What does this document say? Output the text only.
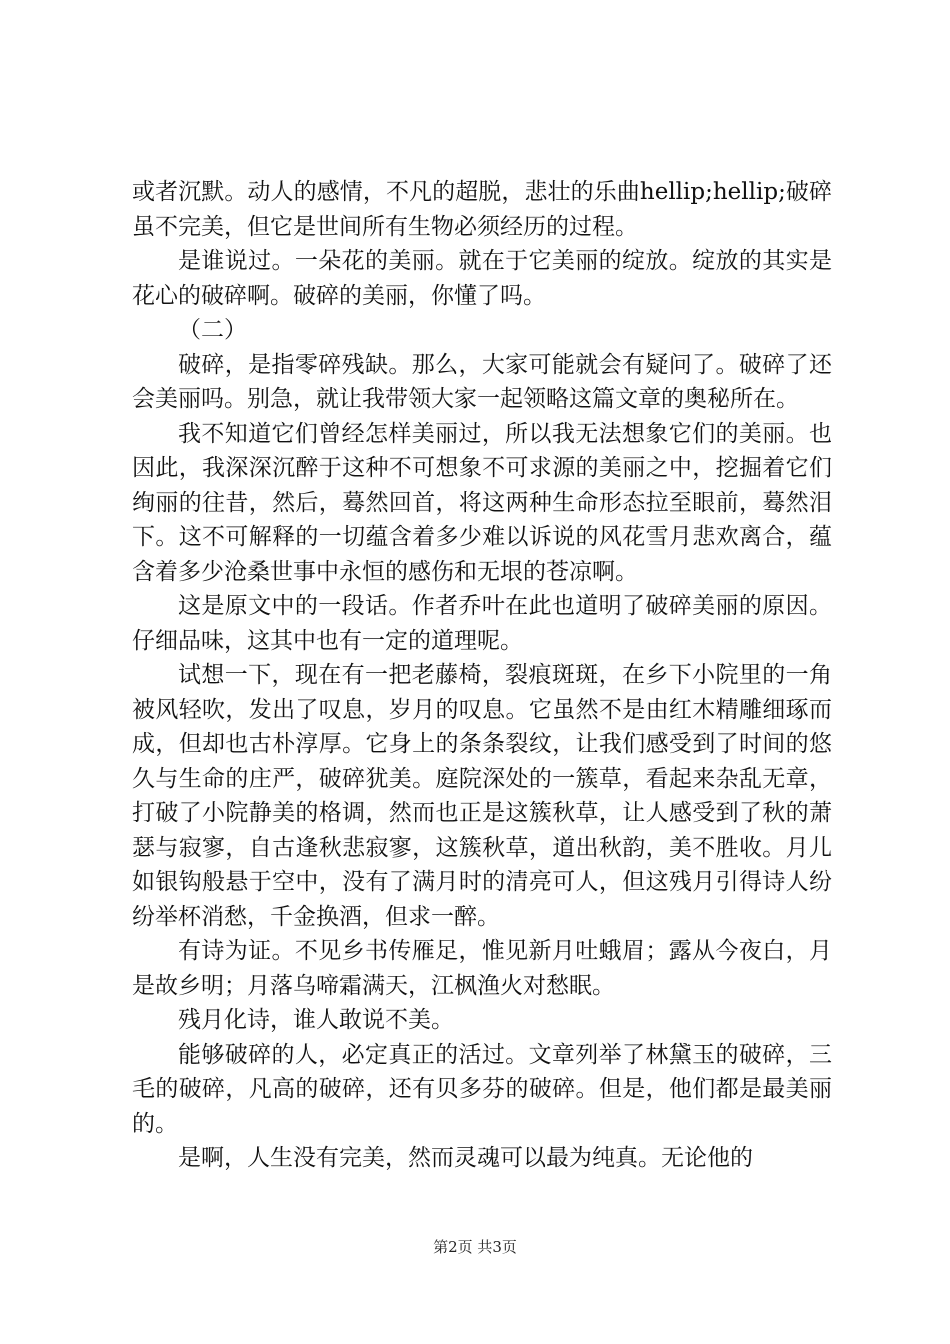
或者沉默。动人的感情，不凡的超脱，悲壮的乐曲hellip;hellip;破碎虽不完美，但它是世间所有生物必须经历的过程。

是谁说过。一朵花的美丽。就在于它美丽的绽放。绽放的其实是花心的破碎啊。破碎的美丽，你懂了吗。

（二）

破碎，是指零碎残缺。那么，大家可能就会有疑问了。破碎了还会美丽吗。别急，就让我带领大家一起领略这篇文章的奥秘所在。

我不知道它们曾经怎样美丽过，所以我无法想象它们的美丽。也因此，我深深沉醉于这种不可想象不可求源的美丽之中，挖掘着它们绚丽的往昔，然后，蓦然回首，将这两种生命形态拉至眼前，蓦然泪下。这不可解释的一切蕴含着多少难以诉说的风花雪月悲欢离合，蕴含着多少沧桑世事中永恒的感伤和无垠的苍凉啊。

这是原文中的一段话。作者乔叶在此也道明了破碎美丽的原因。仔细品味，这其中也有一定的道理呢。

试想一下，现在有一把老藤椅，裂痕斑斑，在乡下小院里的一角被风轻吹，发出了叹息，岁月的叹息。它虽然不是由红木精雕细琢而成，但却也古朴淳厚。它身上的条条裂纹，让我们感受到了时间的悠久与生命的庄严，破碎犹美。庭院深处的一簇草，看起来杂乱无章，打破了小院静美的格调，然而也正是这簇秋草，让人感受到了秋的萧瑟与寂寥，自古逢秋悲寂寥，这簇秋草，道出秋韵，美不胜收。月儿如银钩般悬于空中，没有了满月时的清亮可人，但这残月引得诗人纷纷举杯消愁，千金换酒，但求一醉。

有诗为证。不见乡书传雁足，惟见新月吐蛾眉；露从今夜白，月是故乡明；月落乌啼霜满天，江枫渔火对愁眠。

残月化诗，谁人敢说不美。

能够破碎的人，必定真正的活过。文章列举了林黛玉的破碎，三毛的破碎，凡高的破碎，还有贝多芬的破碎。但是，他们都是最美丽的。

是啊，人生没有完美，然而灵魂可以最为纯真。无论他的

第2页 共3页
